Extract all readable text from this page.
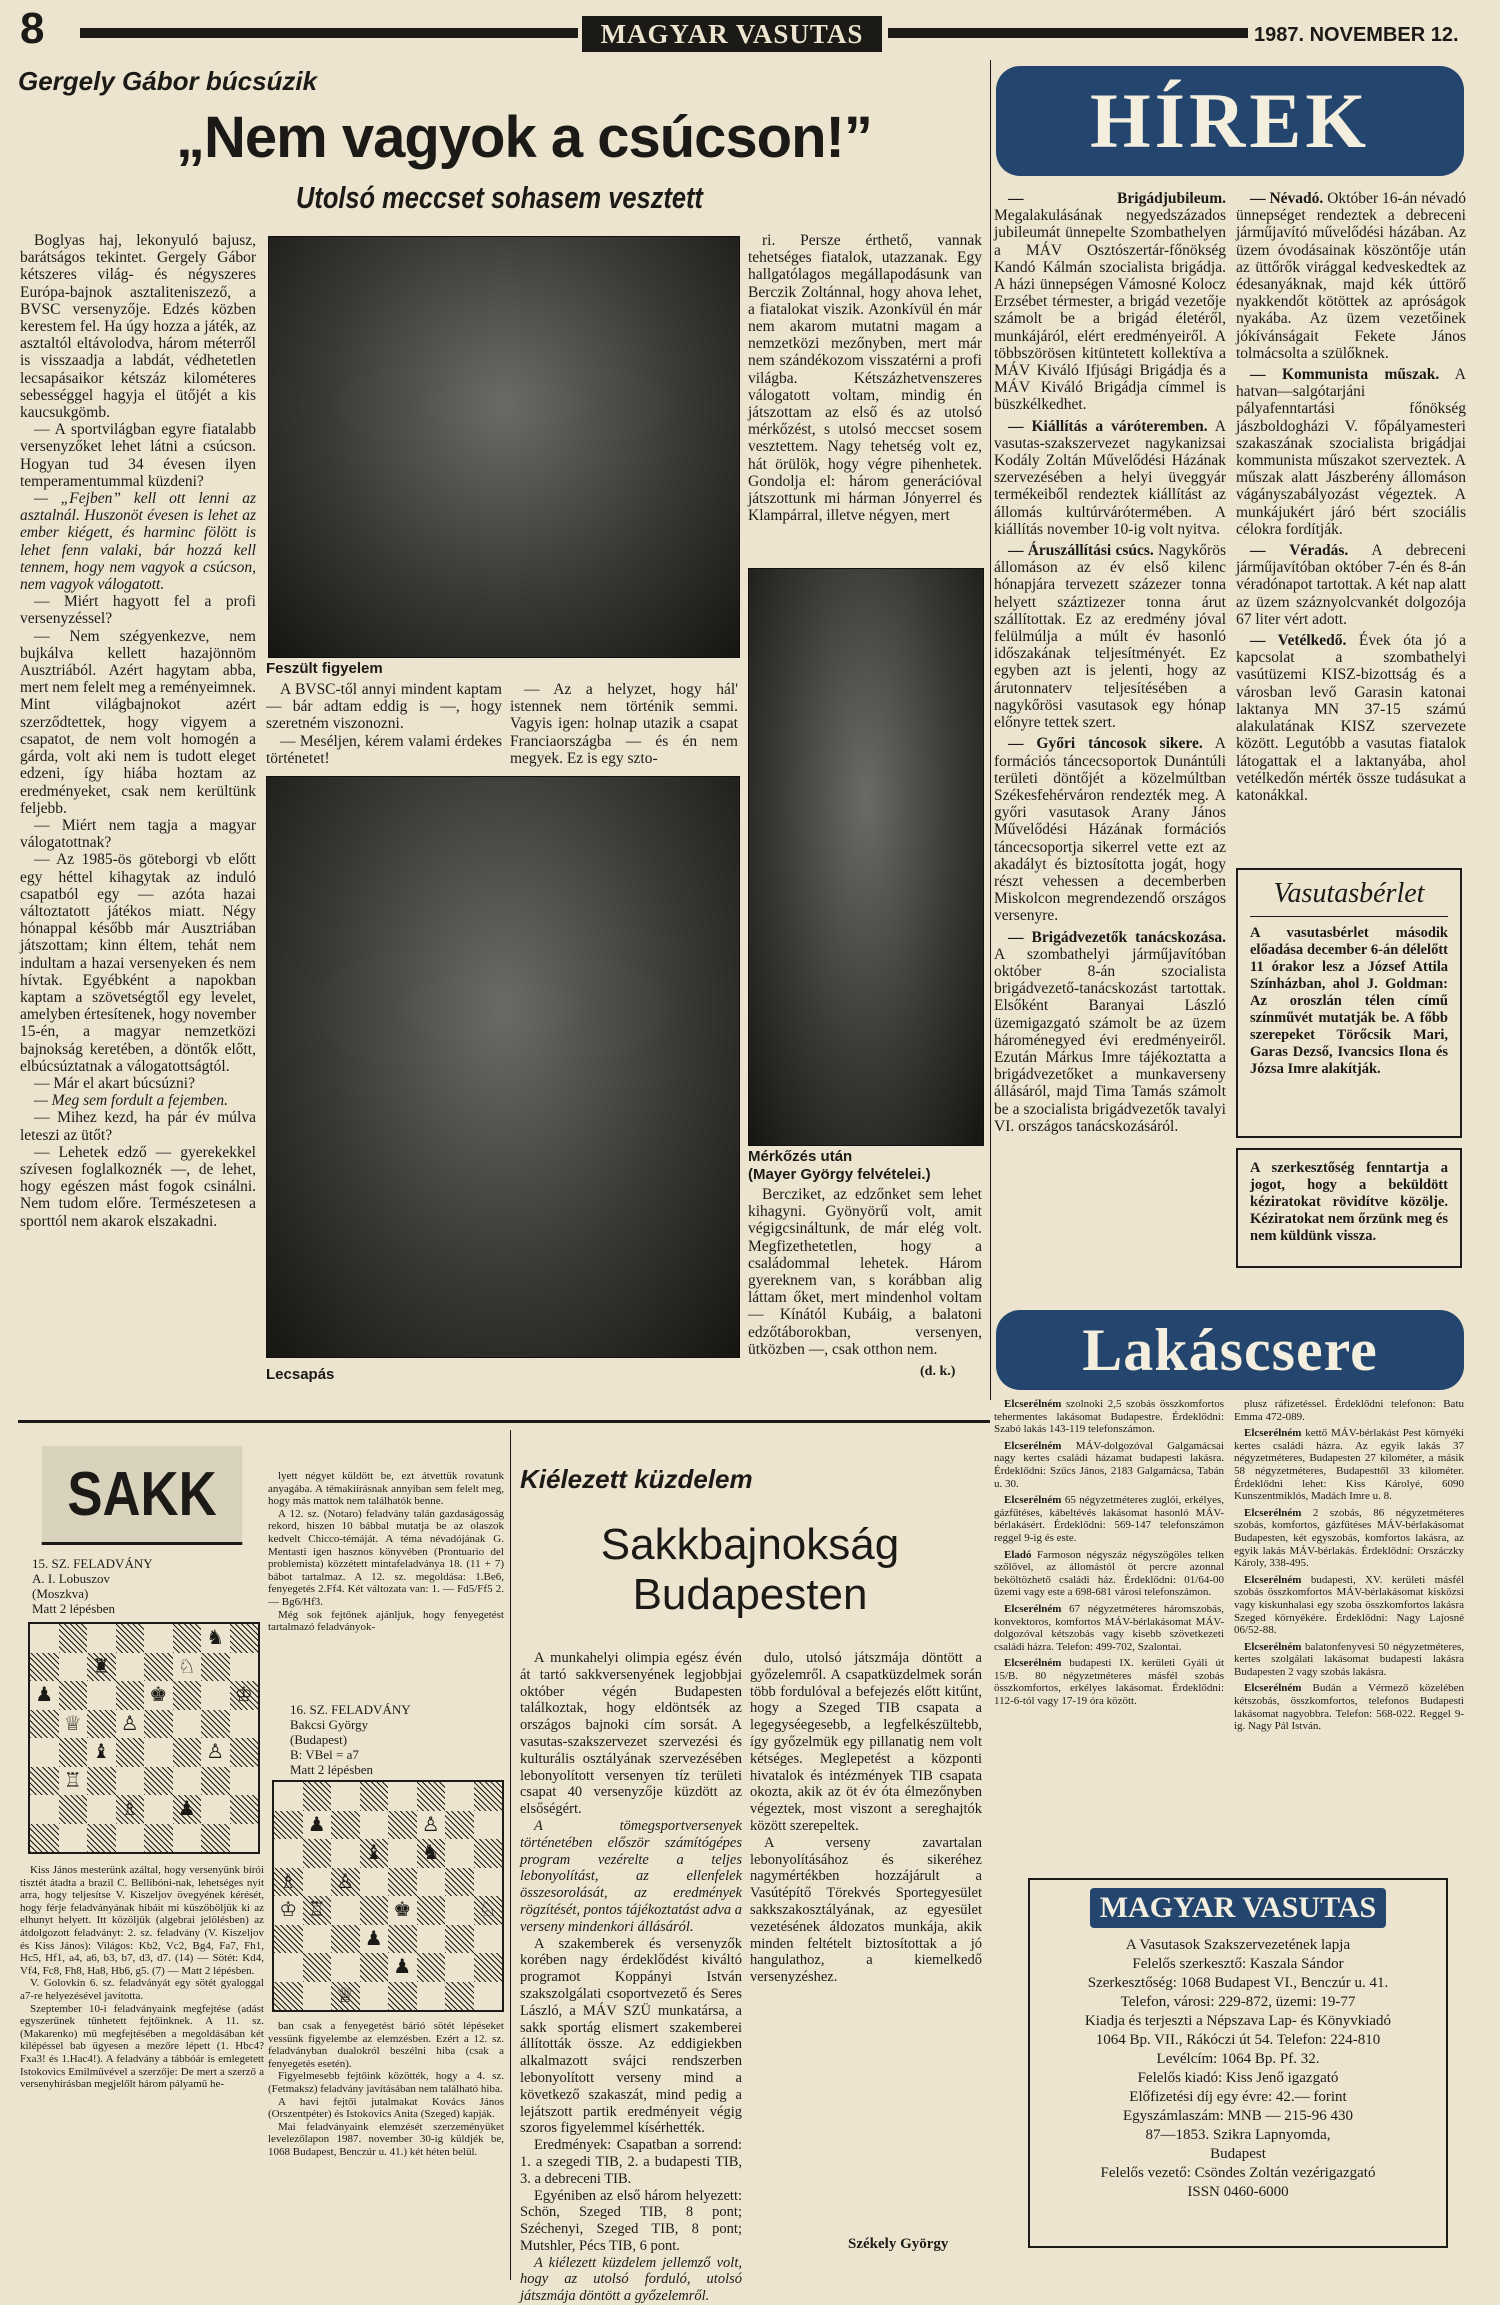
8	MAGYAR VASUTAS	1987. NOVEMBER 12.
Gergely Gábor búcsúzik
„Nem vagyok a csúcson!”
Utolsó meccset sohasem vesztett

Boglyas haj, lekonyuló bajusz, barátságos tekintet. Gergely Gábor kétszeres világ- és négyszeres Európa-bajnok asztaliteniszező, a BVSC versenyzője. Edzés közben kerestem fel. Ha úgy hozza a játék, az asztaltól eltávolodva, három méterről is visszaadja a labdát, védhetetlen lecsapásaikor kétszáz kilométeres sebességgel hagyja el ütőjét a kis kaucsukgömb.

— A sportvilágban egyre fiatalabb versenyzőket lehet látni a csúcson. Hogyan tud 34 évesen ilyen temperamentummal küzdeni?

— „Fejben” kell ott lenni az asztalnál. Huszonöt évesen is lehet az ember kiégett, és harminc fölött is lehet fenn valaki, bár hozzá kell tennem, hogy nem vagyok a csúcson, nem vagyok válogatott.

— Miért hagyott fel a profi versenyzéssel?

— Nem szégyenkezve, nem bujkálva kellett hazajönnöm Ausztriából. Azért hagytam abba, mert nem felelt meg a reményeimnek. Mint világbajnokot azért szerződtettek, hogy vigyem a csapatot, de nem volt homogén a gárda, volt aki nem is tudott eleget edzeni, így hiába hoztam az eredményeket, csak nem kerültünk feljebb.

— Miért nem tagja a magyar válogatottnak?

— Az 1985-ös göteborgi vb előtt egy héttel kihagytak az induló csapatból egy — azóta hazai változtatott játékos miatt. Négy hónappal később már Ausztriában játszottam; kinn éltem, tehát nem indultam a hazai versenyeken és nem hívtak. Egyébként a napokban kaptam a szövetségtől egy levelet, amelyben értesítenek, hogy november 15-én, a magyar nemzetközi bajnokság keretében, a döntők előtt, elbúcsúztatnak a válogatottságtól.

— Már el akart búcsúzni?

— Meg sem fordult a fejemben.

— Mihez kezd, ha pár év múlva leteszi az ütőt?

— Lehetek edző — gyerekekkel szívesen foglalkoznék —, de lehet, hogy egészen mást fogok csinálni. Nem tudom előre. Természetesen a sporttól nem akarok elszakadni.

Feszült figyelem

A BVSC-től annyi mindent kaptam — bár adtam eddig is —, hogy szeretném viszonozni.

— Meséljen, kérem valami érdekes történetet!

— Az a helyzet, hogy hál' istennek nem történik semmi. Vagyis igen: holnap utazik a csapat Franciaországba — és én nem megyek. Ez is egy szto-

Lecsapás

ri. Persze érthető, vannak tehetséges fiatalok, utazzanak. Egy hallgatólagos megállapodásunk van Berczik Zoltánnal, hogy ahova lehet, a fiatalokat viszik. Azonkívül én már nem akarom mutatni magam a nemzetközi mezőnyben, mert már nem szándékozom visszatérni a profi világba. Kétszázhetvenszeres válogatott voltam, mindig én játszottam az első és az utolsó mérkőzést, s utolsó meccset sosem vesztettem. Nagy tehetség volt ez, hát örülök, hogy végre pihenhetek. Gondolja el: három generációval játszottunk mi hárman Jónyerrel és Klampárral, illetve négyen, mert

Mérkőzés után
(Mayer György felvételei.)

Bercziket, az edzőnket sem lehet kihagyni. Gyönyörű volt, amit végigcsináltunk, de már elég volt. Megfizethetetlen, hogy a családommal lehetek. Három gyereknem van, s korábban alig láttam őket, mert mindenhol voltam — Kínától Kubáig, a balatoni edzőtáborokban, versenyen, ütközben —, csak otthon nem.

(d. k.)
HÍREK

— Brigádjubileum. Megalakulásának negyedszázados jubileumát ünnepelte Szombathelyen a MÁV Osztószertár-főnökség Kandó Kálmán szocialista brigádja. A házi ünnepségen Vámosné Kolocz Erzsébet térmester, a brigád vezetője számolt be a brigád életéről, munkájáról, elért eredményeiről. A többszörösen kitüntetett kollektíva a MÁV Kiváló Ifjúsági Brigádja és a MÁV Kiváló Brigádja címmel is büszkélkedhet.

— Kiállítás a váróteremben. A vasutas-szakszervezet nagykanizsai Kodály Zoltán Művelődési Házának szervezésében a helyi üveggyár termékeiből rendeztek kiállítást az állomás kultúrvárótermében. A kiállítás november 10-ig volt nyitva.

— Áruszállítási csúcs. Nagykőrös állomáson az év első kilenc hónapjára tervezett százezer tonna helyett száztizezer tonna árut szállítottak. Ez az eredmény jóval felülmúlja a múlt év hasonló időszakának teljesítményét. Ez egyben azt is jelenti, hogy az árutonnaterv teljesítésében a nagykőrösi vasutasok egy hónap előnyre tettek szert.

— Győri táncosok sikere. A formációs táncecsoportok Dunántúli területi döntőjét a közelmúltban Székesfehérváron rendezték meg. A győri vasutasok Arany János Művelődési Házának formációs táncecsoportja sikerrel vette ezt az akadályt és biztosította jogát, hogy részt vehessen a decemberben Miskolcon megrendezendő országos versenyre.

— Brigádvezetők tanácskozása. A szombathelyi járműjavítóban október 8-án szocialista brigádvezető-tanácskozást tartottak. Elsőként Baranyai László üzemigazgató számolt be az üzem hároménegyed évi eredményeiről. Ezután Márkus Imre tájékoztatta a brigádvezetőket a munkaverseny állásáról, majd Tima Tamás számolt be a szocialista brigádvezetők tavalyi VI. országos tanácskozásáról.

— Névadó. Október 16-án névadó ünnepséget rendeztek a debreceni járműjavító művelődési házában. Az üzem óvodásainak köszöntője után az üttőrők virággal kedveskedtek az édesanyáknak, majd kék úttörő nyakkendőt kötöttek az apróságok nyakába. Az üzem vezetőinek jókívánságait Fekete János tolmácsolta a szülőknek.

— Kommunista műszak. A hatvan—salgótarjáni pályafenntartási főnökség jászboldogházi V. főpályamesteri szakaszának szocialista brigádjai kommunista műszakot szerveztek. A műszak alatt Jászberény állomáson vágányszabályozást végeztek. A munkájukért járó bért szociális célokra fordítják.

— Véradás. A debreceni járműjavítóban október 7-én és 8-án véradónapot tartottak. A két nap alatt az üzem száznyolcvankét dolgozója 67 liter vért adott.

— Vetélkedő. Évek óta jó a kapcsolat a szombathelyi vasútüzemi KISZ-bizottság és a városban levő Garasin katonai laktanya MN 37-15 számú alakulatának KISZ szervezete között. Legutóbb a vasutas fiatalok látogattak el a laktanyába, ahol vetélkedőn mérték össze tudásukat a katonákkal.

Vasutasbérlet
A vasutasbérlet második előadása december 6-án délelőtt 11 órakor lesz a József Attila Színházban, ahol J. Goldman: Az oroszlán télen című színművét mutatják be. A főbb szerepeket Törőcsik Mari, Garas Dezső, Ivancsics Ilona és Józsa Imre alakítják.
A szerkesztőség fenntartja a jogot, hogy a beküldött kéziratokat rövidítve közölje. Kéziratokat nem őrzünk meg és nem küldünk vissza.
Lakáscsere

Elcserélném szolnoki 2,5 szobás összkomfortos tehermentes lakásomat Budapestre. Érdeklődni: Szabó lakás 143-119 telefonszámon.

Elcserélném MÁV-dolgozóval Galgamácsai nagy kertes családi házamat budapesti lakásra. Érdeklődni: Szűcs János, 2183 Galgamácsa, Tabán u. 30.

Elcserélném 65 négyzetméteres zuglói, erkélyes, gázfűtéses, kábeltévés lakásomat hasonló MÁV-bérlakásért. Érdeklődni: 569-147 telefonszámon reggel 9-ig és este.

Eladó Farmoson négyszáz négyszögöles telken szőlővel, az állomástól öt percre azonnal beköltözhető családi ház. Érdeklődni: 01/64-00 üzemi vagy este a 698-681 városi telefonszámon.

Elcserélném 67 négyzetméteres háromszobás, konvektoros, komfortos MÁV-bérlakásomat MÁV-dolgozóval kétszobás vagy kisebb szövetkezeti családi házra. Telefon: 499-702, Szalontai.

Elcserélném budapesti IX. kerületi Gyáli út 15/B. 80 négyzetméteres másfél szobás összkomfortos, erkélyes lakásomat. Érdeklődni: 112-6-tól vagy 17-19 óra között.

plusz ráfizetéssel. Érdeklődni telefonon: Batu Emma 472-089.

Elcserélném kettő MÁV-bérlakást Pest környéki kertes családi házra. Az egyik lakás 37 négyzetméteres, Budapesten 27 kilométer, a másik 58 négyzetméteres, Budapesttől 33 kilométer. Érdeklődni lehet: Kiss Károlyé, 6090 Kunszentmiklós, Madách Imre u. 8.

Elcserélném 2 szobás, 86 négyzetméteres szobás, komfortos, gázfűtéses MÁV-bérlakásomat Budapesten, két egyszobás, komfortos lakásra, az egyik lakás MÁV-bérlakás. Érdeklődni: Orszáczky Károly, 338-495.

Elcserélném budapesti, XV. kerületi másfél szobás összkomfortos MÁV-bérlakásomat kisközsi vagy kiskunhalasi egy szoba összkomfortos lakásra Szeged környékére. Érdeklődni: Nagy Lajosné 06/52-88.

Elcserélném balatonfenyvesi 50 négyzetméteres, kertes szolgálati lakásomat budapesti lakásra Budapesten 2 vagy szobás lakásra.

Elcserélném Budán a Vérmező közelében kétszobás, összkomfortos, telefonos Budapesti lakásomat nagyobbra. Telefon: 568-022. Reggel 9-ig. Nagy Pál István.

MAGYAR VASUTAS

A Vasutasok Szakszervezetének lapja

Felelős szerkesztő: Kaszala Sándor

Szerkesztőség: 1068 Budapest VI., Benczúr u. 41.

Telefon, városi: 229-872, üzemi: 19-77

Kiadja és terjeszti a Népszava Lap- és Könyvkiadó

1064 Bp. VII., Rákóczi út 54. Telefon: 224-810

Levélcím: 1064 Bp. Pf. 32.

Felelős kiadó: Kiss Jenő igazgató

Előfizetési díj egy évre: 42.— forint

Egyszámlaszám: MNB — 215-96 430

87—1853. Szikra Lapnyomda,

Budapest

Felelős vezető: Csöndes Zoltán vezérigazgató

ISSN 0460-6000

SAKK
15. SZ. FELADVÁNY
A. I. Lobuszov
(Moszkva)
Matt 2 lépésben
♞
♜	♘
♟	♚	♔
♕ ♙
♝	♙
♖
♗ ♟

Kiss János mesterünk azáltal, hogy versenyünk bírói tisztét átadta a brazil C. Bellibóni-nak, lehetséges nyit arra, hogy teljesítse V. Kiszeljov övegyének kérését, hogy férje feladványának hibáit mi küszöböljük ki az elhunyt helyett. Itt közöljük (algebrai jelölésben) az átdolgozott feladványt: 2. sz. feladvány (V. Kiszeljov és Kiss János): Világos: Kb2, Vc2, Bg4, Fa7, Fh1, Hc5, Hf1, a4, a6, b3, b7, d3, d7. (14) — Sötét: Kd4, Vf4, Fc8, Fh8, Ha8, Hb6, g5. (7) — Matt 2 lépésben.

V. Golovkin 6. sz. feladványát egy sötét gyaloggal a7-re helyezésével javította.

Szeptember 10-i feladványaink megfejtése (adást egyszerűnek tűnhetett fejtőinknek. A 11. sz. (Makarenko) mű megfejtésében a megoldásában két kilépéssel bab ügyesen a mezőre lépett (1. Hbc4? Fxa3! és 1.Hac4!). A feladvány a tábbóár is emlegetett Istokovics Emilművével a szerzője: De mert a szerző a versenyhírásban megjelőlt három pályamű he-

lyett négyet küldött be, ezt átvettük rovatunk anyagába. A témakiírásnak annyiban sem felelt meg, hogy más mattok nem találhatók benne.

A 12. sz. (Notaro) feladvány talán gazdaságosság rekord, hiszen 10 bábbal mutatja be az olaszok kedvelt Chicco-témáját. A téma névadójának G. Mentasti igen hasznos könyvében (Prontuario del problemista) közzétett mintafeladványa 18. (11 + 7) bábot tartalmaz. A 12. sz. megoldása: 1.Be6, fenyegetés 2.Ff4. Két változata van: 1. — Fd5/Ff5 2. — Bg6/Hf3.

Még sok fejtőnek ajánljuk, hogy fenyegetést tartalmazó feladványok-

16. SZ. FELADVÁNY
Bakcsi György
(Budapest)
B: VBel = a7
Matt 2 lépésben
♟	♙
♝ ♞
♗ ♙
♔ ♖	♚	♘
♟
♟
♕

ban csak a fenyegetést bárió sötét lépéseket vessünk figyelembe az elemzésben. Ezért a 12. sz. feladványban dualokról beszélni hiba (csak a fenyegetés esetén).

Figyelmesebb fejtőink közötték, hogy a 4. sz. (Fetmaksz) feladvány javításában nem található hiba.

A havi fejtői jutalmakat Kovács János (Orszentpéter) és Istokovics Anita (Szeged) kapják.

Mai feladványaink elemzését szerzeményüket levelezőlapon 1987. november 30-ig küldjék be, 1068 Budapest, Benczúr u. 41.) két héten belül.

Kiélezett küzdelem
Sakkbajnokság Budapesten

A munkahelyi olimpia egész évén át tartó sakkversenyének legjobbjai október végén Budapesten találkoztak, hogy eldöntsék az országos bajnoki cím sorsát. A vasutas-szakszervezet szervezési és kulturális osztályának szervezésében lebonyolított versenyen tíz területi csapat 40 versenyzője küzdött az elsőségért.

A tömegsportversenyek történetében először számítógépes program vezérelte a teljes lebonyolítást, az ellenfelek összesorolását, az eredmények rögzítését, pontos tájékoztatást adva a verseny mindenkori állásáról.

A szakemberek és versenyzők korében nagy érdeklődést kiváltó programot Koppányi István szakszolgálati csoportvezető és Seres László, a MÁV SZÜ munkatársa, a sakk sportág elismert szakemberei állították össze. Az eddigiekben alkalmazott svájci rendszerben lebonyolított verseny mind a következő szakaszát, mind pedig a lejátszott partik eredményeit végig szoros figyelemmel kísérhették.

Eredmények: Csapatban a sorrend: 1. a szegedi TIB, 2. a budapesti TIB, 3. a debreceni TIB.

Egyéniben az első három helyezett: Schön, Szeged TIB, 8 pont; Széchenyi, Szeged TIB, 8 pont; Mutshler, Pécs TIB, 6 pont.

A kiélezett küzdelem jellemző volt, hogy az utolsó forduló, utolsó játszmája döntött a győzelemről.

dulo, utolsó játszmája döntött a győzelemről. A csapatküzdelmek során több fordulóval a befejezés előtt kitűnt, hogy a Szeged TIB csapata a legegyséegesebb, a legfelkészültebb, így győzelmük egy pillanatig nem volt kétséges. Meglepetést a központi hivatalok és intézmények TIB csapata okozta, akik az öt év óta élmezőnyben végeztek, most viszont a sereghajtók között szerepeltek.

A verseny zavartalan lebonyolításához és sikeréhez nagymértékben hozzájárult a Vasútépítő Törekvés Sportegyesület sakkszakosztályának, az egyesület vezetésének áldozatos munkája, akik minden feltételt biztosítottak a jó hangulathoz, a kiemelkedő versenyzéshez.

Székely György
